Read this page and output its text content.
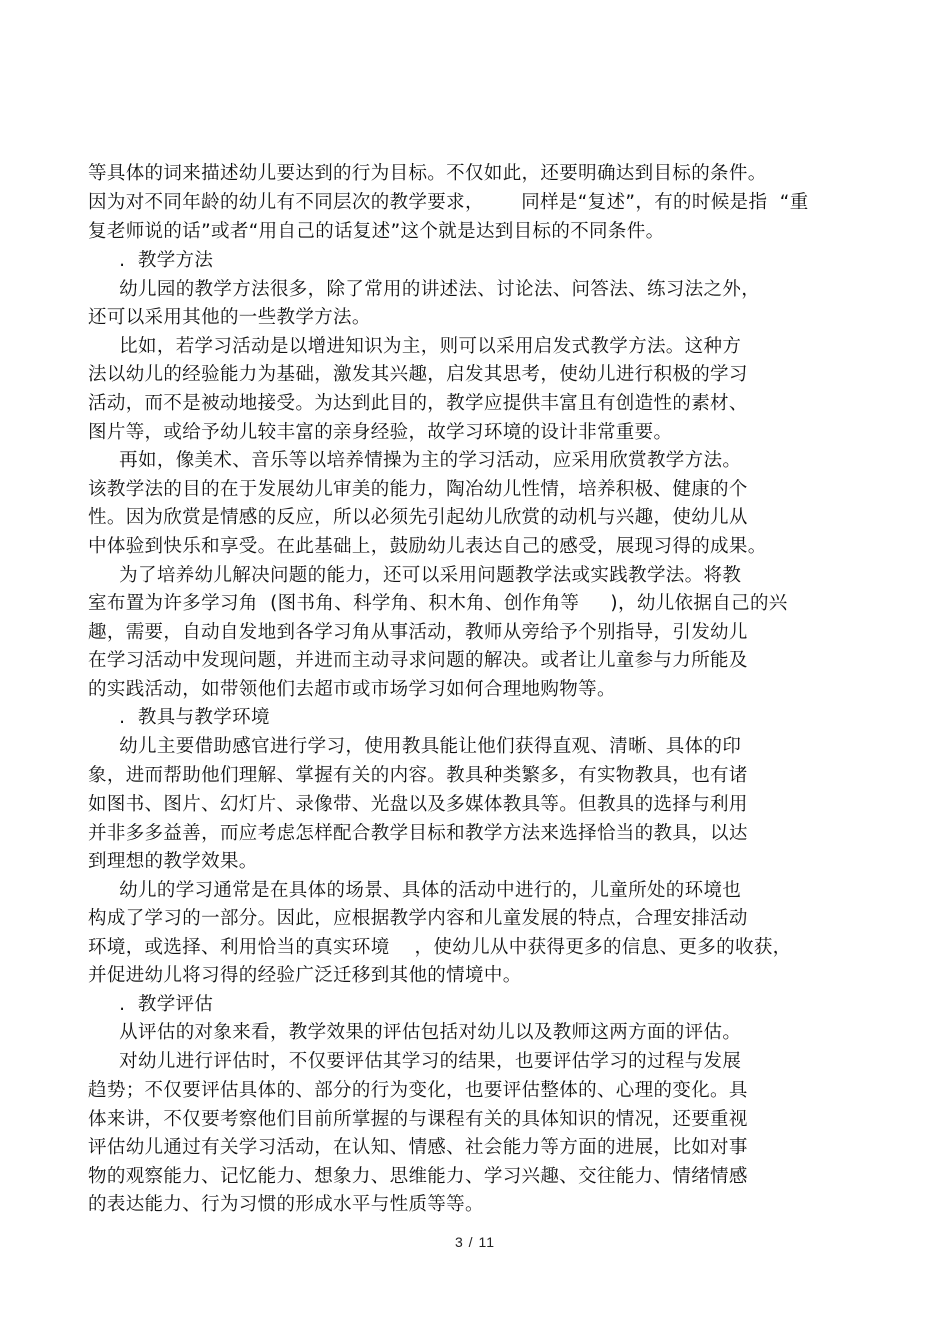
等具体的词来描述幼儿要达到的行为目标。不仅如此，还要明确达到目标的条件。

因为对不同年龄的幼儿有不同层次的教学要求，      同样是“复述”，有的时候是指  “重

复老师说的话”或者“用自己的话复述”这个就是达到目标的不同条件。

.  教学方法

幼儿园的教学方法很多，除了常用的讲述法、讨论法、问答法、练习法之外，

还可以采用其他的一些教学方法。

比如，若学习活动是以增进知识为主，则可以采用启发式教学方法。这种方

法以幼儿的经验能力为基础，激发其兴趣，启发其思考，使幼儿进行积极的学习

活动，而不是被动地接受。为达到此目的，教学应提供丰富且有创造性的素材、

图片等，或给予幼儿较丰富的亲身经验，故学习环境的设计非常重要。

再如，像美术、音乐等以培养情操为主的学习活动，应采用欣赏教学方法。

该教学法的目的在于发展幼儿审美的能力，陶冶幼儿性情，培养积极、健康的个

性。因为欣赏是情感的反应，所以必须先引起幼儿欣赏的动机与兴趣，使幼儿从

中体验到快乐和享受。在此基础上，鼓励幼儿表达自己的感受，展现习得的成果。

为了培养幼儿解决问题的能力，还可以采用问题教学法或实践教学法。将教

室布置为许多学习角  (图书角、科学角、积木角、创作角等     )，幼儿依据自己的兴

趣，需要，自动自发地到各学习角从事活动，教师从旁给予个别指导，引发幼儿

在学习活动中发现问题，并进而主动寻求问题的解决。或者让儿童参与力所能及

的实践活动，如带领他们去超市或市场学习如何合理地购物等。

.  教具与教学环境

幼儿主要借助感官进行学习，使用教具能让他们获得直观、清晰、具体的印

象，进而帮助他们理解、掌握有关的内容。教具种类繁多，有实物教具，也有诸

如图书、图片、幻灯片、录像带、光盘以及多媒体教具等。但教具的选择与利用

并非多多益善，而应考虑怎样配合教学目标和教学方法来选择恰当的教具，以达

到理想的教学效果。

幼儿的学习通常是在具体的场景、具体的活动中进行的，儿童所处的环境也

构成了学习的一部分。因此，应根据教学内容和儿童发展的特点，合理安排活动

环境，或选择、利用恰当的真实环境    ，使幼儿从中获得更多的信息、更多的收获，

并促进幼儿将习得的经验广泛迁移到其他的情境中。

.  教学评估

从评估的对象来看，教学效果的评估包括对幼儿以及教师这两方面的评估。

对幼儿进行评估时，不仅要评估其学习的结果，也要评估学习的过程与发展

趋势；不仅要评估具体的、部分的行为变化，也要评估整体的、心理的变化。具

体来讲，不仅要考察他们目前所掌握的与课程有关的具体知识的情况，还要重视

评估幼儿通过有关学习活动，在认知、情感、社会能力等方面的进展，比如对事

物的观察能力、记忆能力、想象力、思维能力、学习兴趣、交往能力、情绪情感

的表达能力、行为习惯的形成水平与性质等等。

3 / 11
